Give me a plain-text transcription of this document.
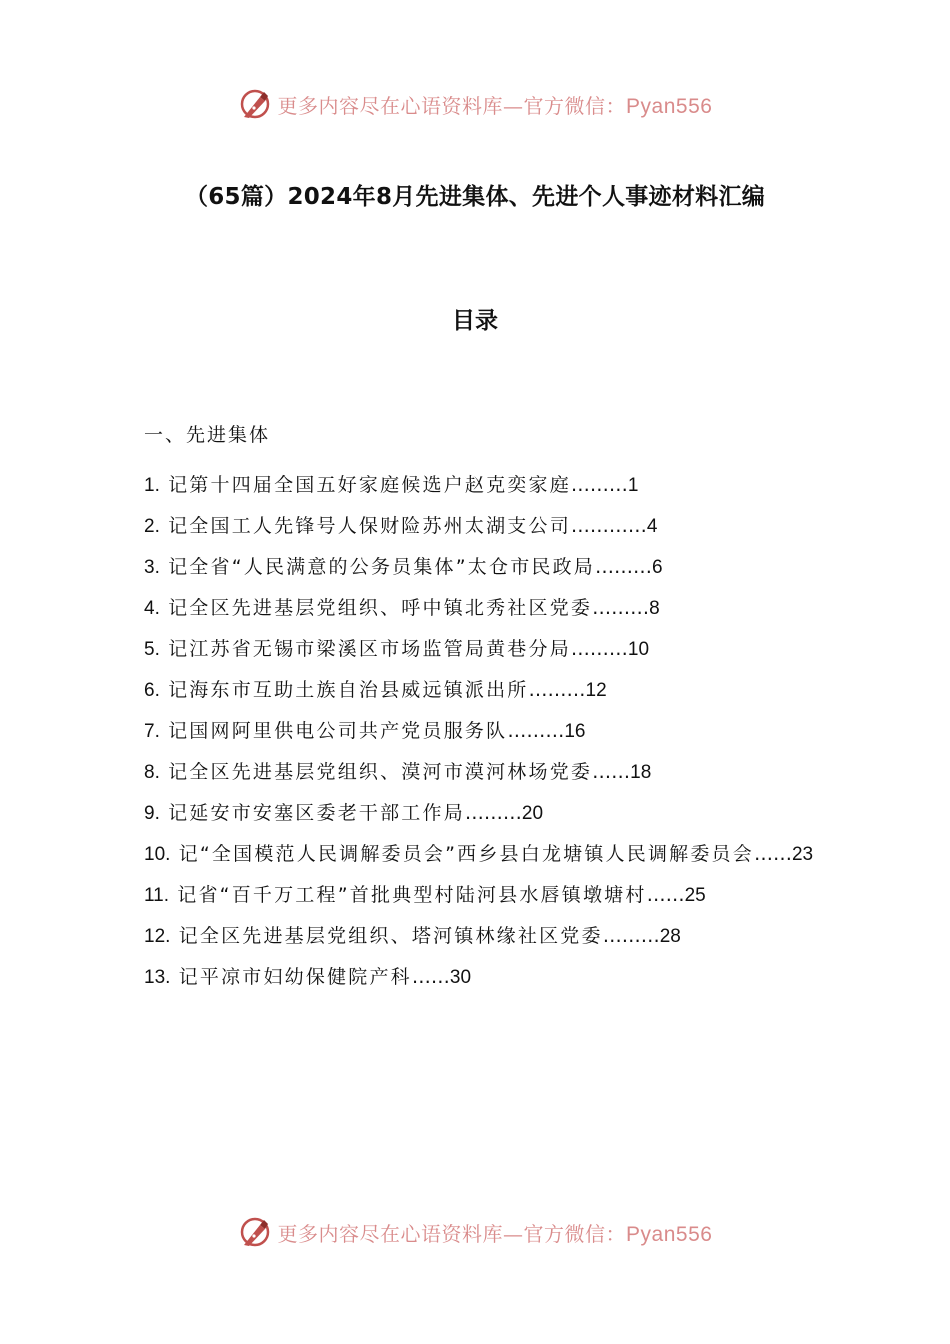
更多内容尽在心语资料库—官方微信：Pyan556
（65篇）2024年8月先进集体、先进个人事迹材料汇编
目录
一、先进集体
1. 记第十四届全国五好家庭候选户赵克奕家庭………1
2. 记全国工人先锋号人保财险苏州太湖支公司…………4
3. 记全省“人民满意的公务员集体”太仓市民政局………6
4. 记全区先进基层党组织、呼中镇北秀社区党委………8
5. 记江苏省无锡市梁溪区市场监管局黄巷分局………10
6. 记海东市互助土族自治县威远镇派出所………12
7. 记国网阿里供电公司共产党员服务队………16
8. 记全区先进基层党组织、漠河市漠河林场党委……18
9. 记延安市安塞区委老干部工作局………20
10. 记“全国模范人民调解委员会”西乡县白龙塘镇人民调解委员会……23
11. 记省“百千万工程”首批典型村陆河县水唇镇墩塘村……25
12. 记全区先进基层党组织、塔河镇林缘社区党委………28
13. 记平凉市妇幼保健院产科……30
更多内容尽在心语资料库—官方微信：Pyan556
